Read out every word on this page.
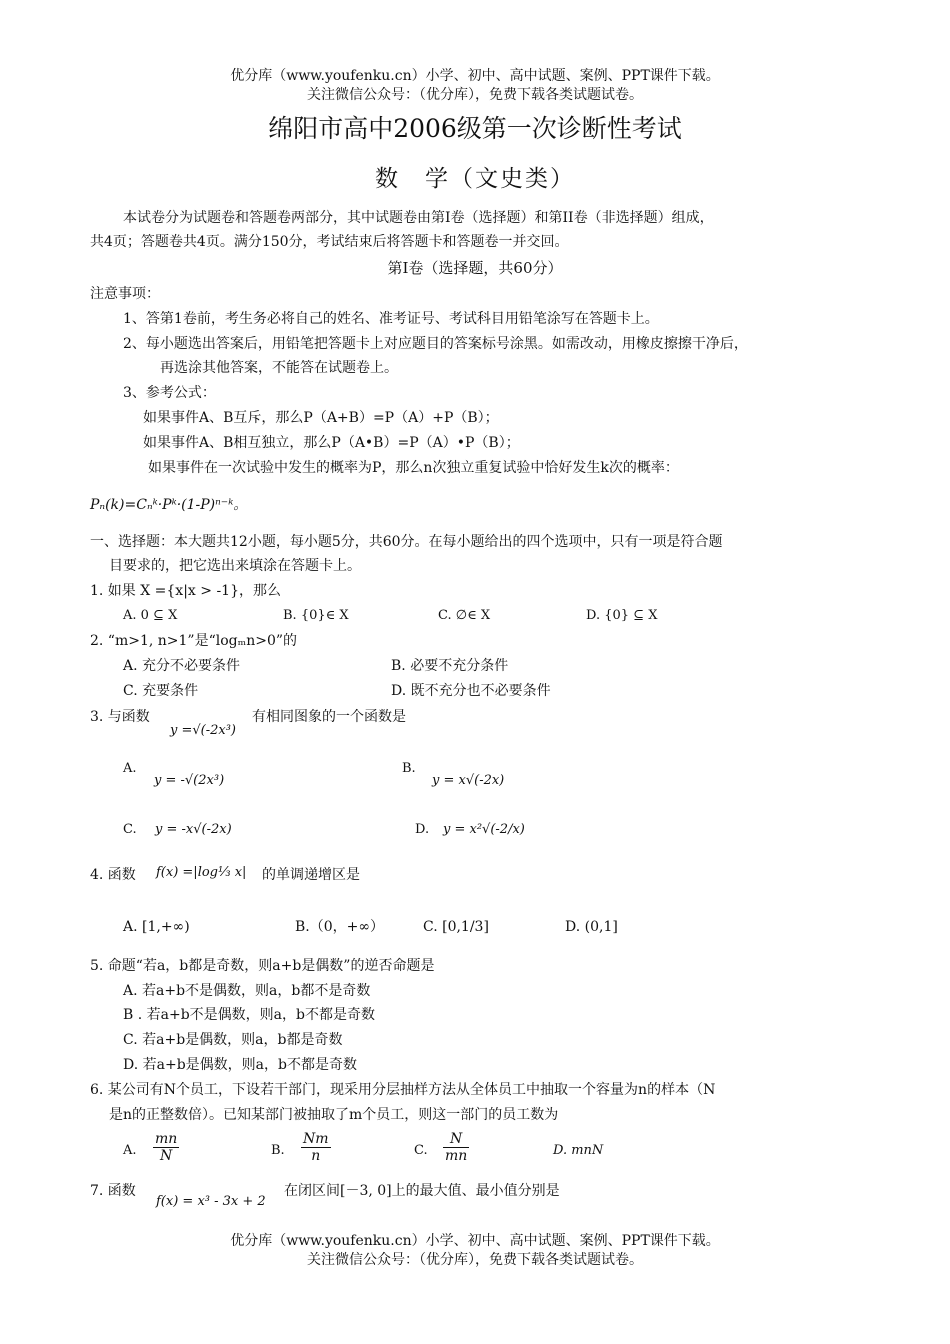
优分库（www.youfenku.cn）小学、初中、高中试题、案例、PPT课件下载。
关注微信公众号：（优分库），免费下载各类试题试卷。
绵阳市高中2006级第一次诊断性考试
数　学（文史类）
本试卷分为试题卷和答题卷两部分，其中试题卷由第I卷（选择题）和第II卷（非选择题）组成，
共4页；答题卷共4页。满分150分，考试结束后将答题卡和答题卷一并交回。
第I卷（选择题，共60分）
注意事项：
1、答第1卷前，考生务必将自己的姓名、准考证号、考试科目用铅笔涂写在答题卡上。
2、每小题选出答案后，用铅笔把答题卡上对应题目的答案标号涂黑。如需改动，用橡皮擦擦干净后，
再选涂其他答案，不能答在试题卷上。
3、参考公式：
如果事件A、B互斥，那么P（A+B）=P（A）+P（B）；
如果事件A、B相互独立，那么P（A•B）=P（A）•P（B）；
如果事件在一次试验中发生的概率为P，那么n次独立重复试验中恰好发生k次的概率：
Pₙ(k)=Cₙᵏ·Pᵏ·(1-P)ⁿ⁻ᵏ。
一、选择题：本大题共12小题，每小题5分，共60分。在每小题给出的四个选项中，只有一项是符合题
目要求的，把它选出来填涂在答题卡上。
1. 如果 X ={x|x > -1}，那么
A. 0 ⊆ X	B. {0}∈ X	C. ∅∈ X	D. {0} ⊆ X
2. “m>1, n>1”是“logₘn>0”的
A. 充分不必要条件	B. 必要不充分条件
C. 充要条件	D. 既不充分也不必要条件
3. 与函数
y =√(-2x³)
有相同图象的一个函数是
A.
y = -√(2x³)
B.
y = x√(-2x)
C. y = -x√(-2x)	D. y = x²√(-2/x)
4. 函数 f(x) =|log⅓ x| 的单调递增区是
A. [1,+∞)	B.（0，+∞）	C. [0,1/3]	D. (0,1]
5. 命题“若a，b都是奇数，则a+b是偶数”的逆否命题是
A. 若a+b不是偶数，则a，b都不是奇数
B . 若a+b不是偶数，则a，b不都是奇数
C. 若a+b是偶数，则a，b都是奇数
D. 若a+b是偶数，则a，b不都是奇数
6. 某公司有N个员工，下设若干部门，现采用分层抽样方法从全体员工中抽取一个容量为n的样本（N
是n的正整数倍）。已知某部门被抽取了m个员工，则这一部门的员工数为
A. $\frac{mn}{N}$	B. $\frac{Nm}{n}$	C. $\frac{N}{mn}$	D. mnN
7. 函数
f(x) = x³ - 3x + 2
在闭区间[－3, 0]上的最大值、最小值分别是
优分库（www.youfenku.cn）小学、初中、高中试题、案例、PPT课件下载。
关注微信公众号：（优分库），免费下载各类试题试卷。
